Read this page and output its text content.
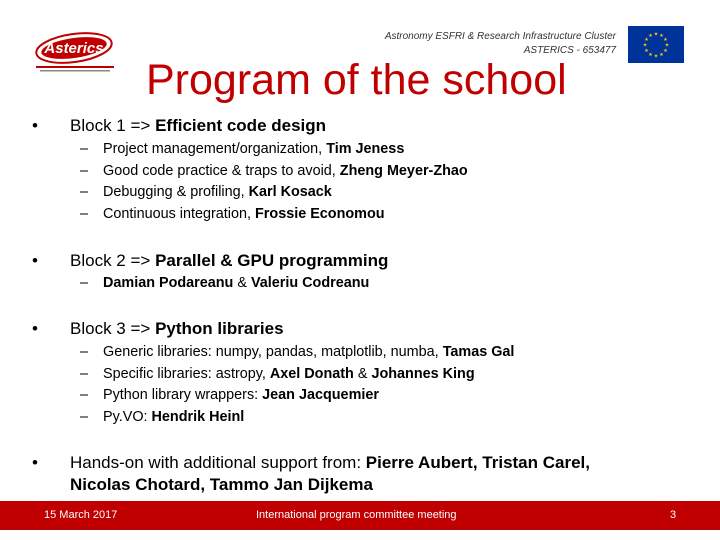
Asterics
Astronomy ESFRI & Research Infrastructure Cluster
ASTERICS - 653477
★ ★
★
★
★
★
★
★
★
★
★
★
Program of the school
• Block 1 => Efficient code design
– Project management/organization, Tim Jeness
– Good code practice & traps to avoid, Zheng Meyer-Zhao
– Debugging & profiling, Karl Kosack
– Continuous integration, Frossie Economou
• Block 2 => Parallel & GPU programming
– Damian Podareanu & Valeriu Codreanu
• Block 3 => Python libraries
– Generic libraries: numpy, pandas, matplotlib, numba, Tamas Gal
– Specific libraries: astropy, Axel Donath & Johannes King
– Python library wrappers: Jean Jacquemier
– Py.VO: Hendrik Heinl
• Hands-on with additional support from: Pierre Aubert, Tristan Carel,
Nicolas Chotard, Tammo Jan Dijkema
15 March 2017	International program committee meeting	3
